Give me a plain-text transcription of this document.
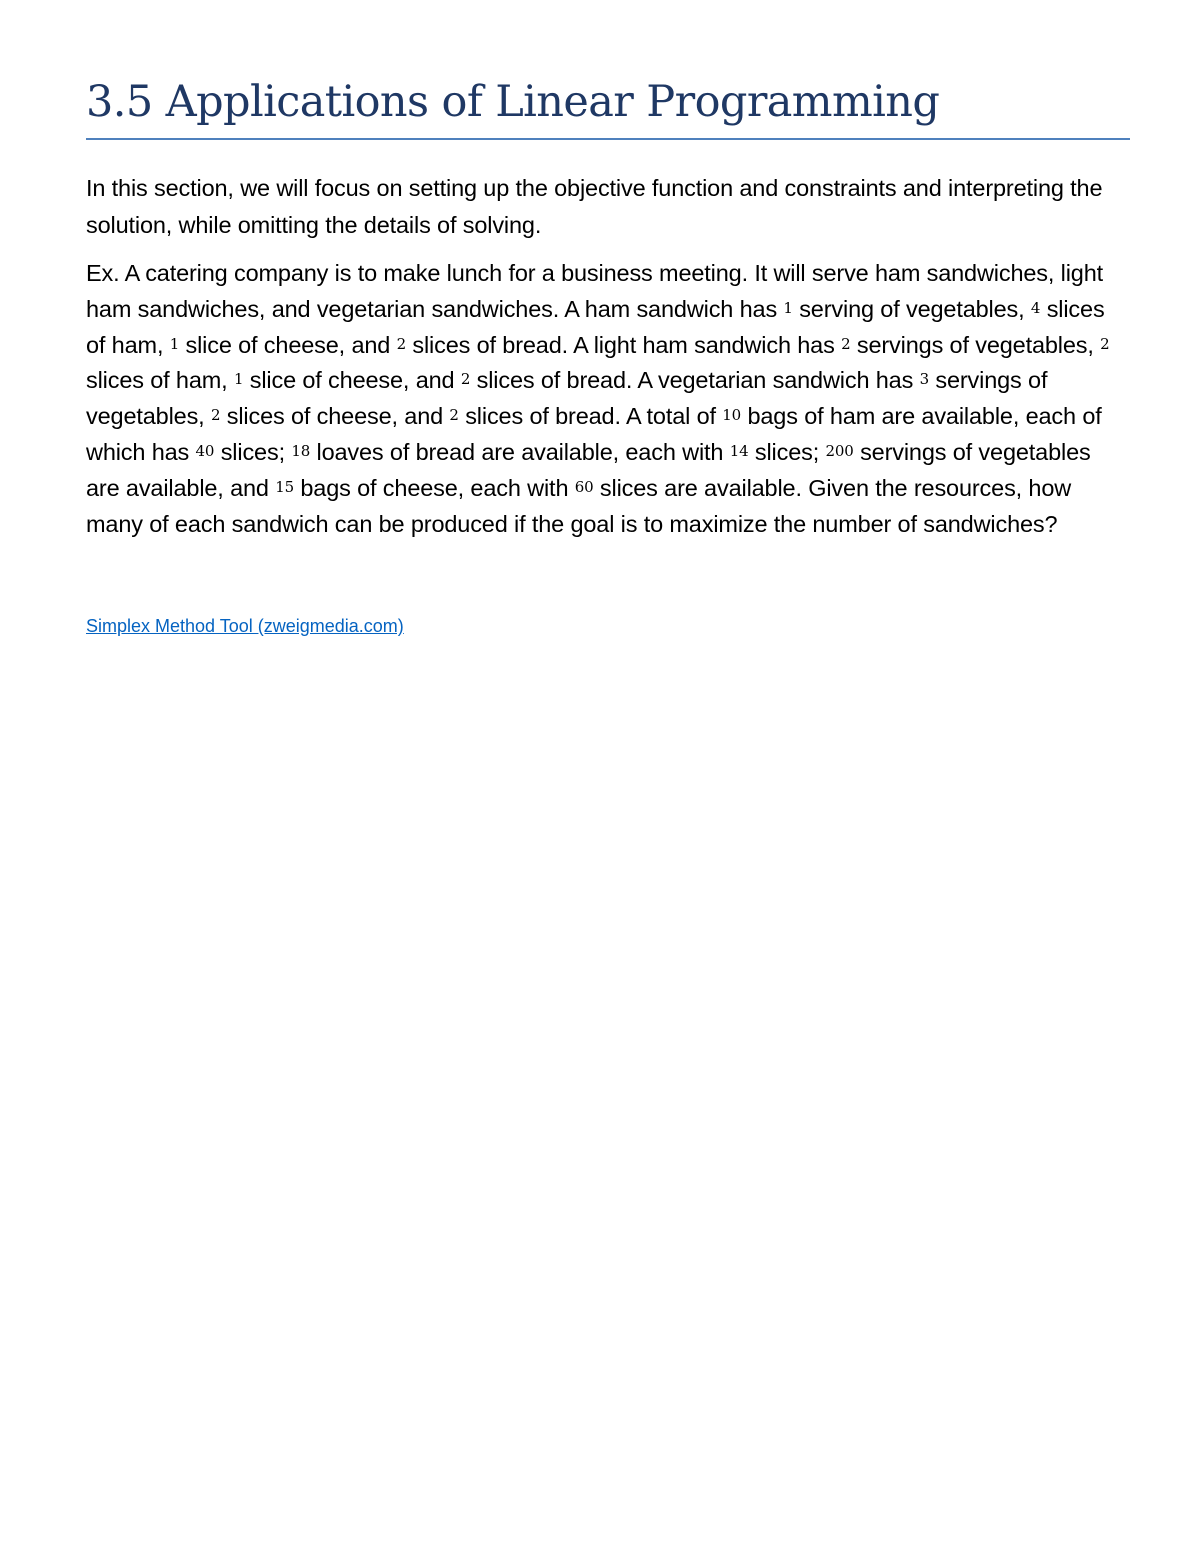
3.5 Applications of Linear Programming

In this section, we will focus on setting up the objective function and constraints and interpreting the solution, while omitting the details of solving.

Ex. A catering company is to make lunch for a business meeting. It will serve ham sandwiches, light ham sandwiches, and vegetarian sandwiches. A ham sandwich has 1 serving of vegetables, 4 slices of ham, 1 slice of cheese, and 2 slices of bread. A light ham sandwich has 2 servings of vegetables, 2 slices of ham, 1 slice of cheese, and 2 slices of bread. A vegetarian sandwich has 3 servings of vegetables, 2 slices of cheese, and 2 slices of bread. A total of 10 bags of ham are available, each of which has 40 slices; 18 loaves of bread are available, each with 14 slices; 200 servings of vegetables are available, and 15 bags of cheese, each with 60 slices are available. Given the resources, how many of each sandwich can be produced if the goal is to maximize the number of sandwiches?

Simplex Method Tool (zweigmedia.com)
